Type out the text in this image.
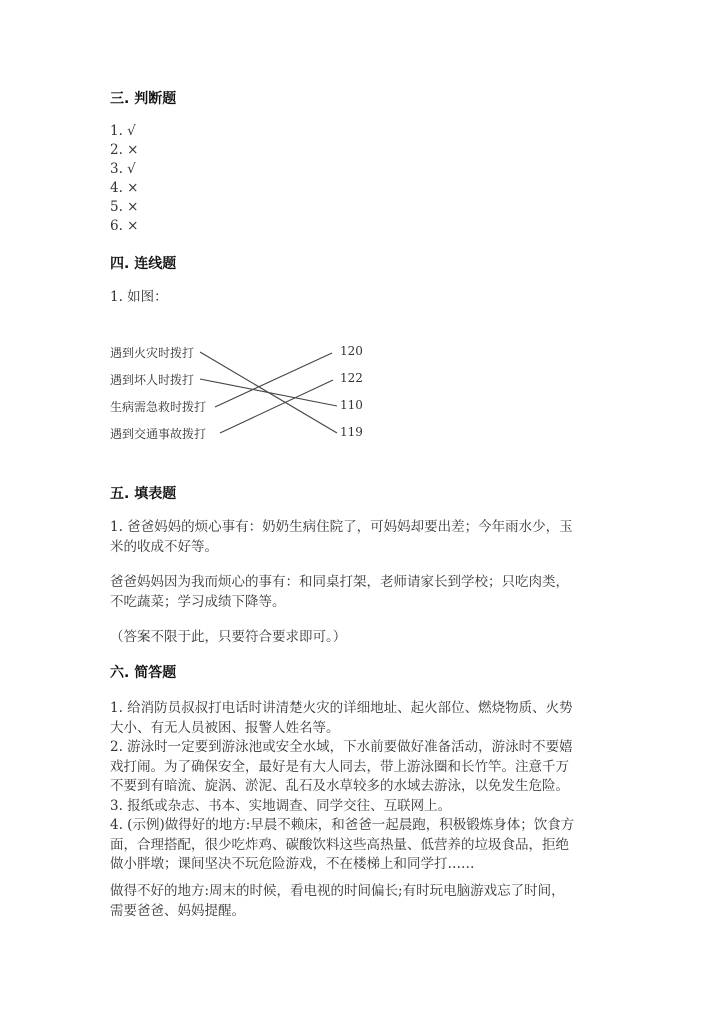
三. 判断题
1. √
2. ×
3. √
4. ×
5. ×
6. ×
四. 连线题
1. 如图：
遇到火灾时拨打
遇到坏人时拨打
生病需急救时拨打
遇到交通事故拨打
120
122
110
119
五. 填表题
1. 爸爸妈妈的烦心事有：奶奶生病住院了，可妈妈却要出差；今年雨水少，玉
米的收成不好等。
爸爸妈妈因为我而烦心的事有：和同桌打架，老师请家长到学校；只吃肉类，
不吃蔬菜；学习成绩下降等。
（答案不限于此，只要符合要求即可。）
六. 简答题
1. 给消防员叔叔打电话时讲清楚火灾的详细地址、起火部位、燃烧物质、火势
大小、有无人员被困、报警人姓名等。
2. 游泳时一定要到游泳池或安全水域，下水前要做好准备活动，游泳时不要嬉
戏打闹。为了确保安全，最好是有大人同去，带上游泳圈和长竹竿。注意千万
不要到有暗流、旋涡、淤泥、乱石及水草较多的水域去游泳，以免发生危险。
3. 报纸或杂志、书本、实地调查、同学交往、互联网上。
4. (示例)做得好的地方:早晨不赖床，和爸爸一起晨跑，积极锻炼身体；饮食方
面，合理搭配，很少吃炸鸡、碳酸饮料这些高热量、低营养的垃圾食品，拒绝
做小胖墩；课间坚决不玩危险游戏，不在楼梯上和同学打……
做得不好的地方:周末的时候，看电视的时间偏长;有时玩电脑游戏忘了时间，
需要爸爸、妈妈提醒。
